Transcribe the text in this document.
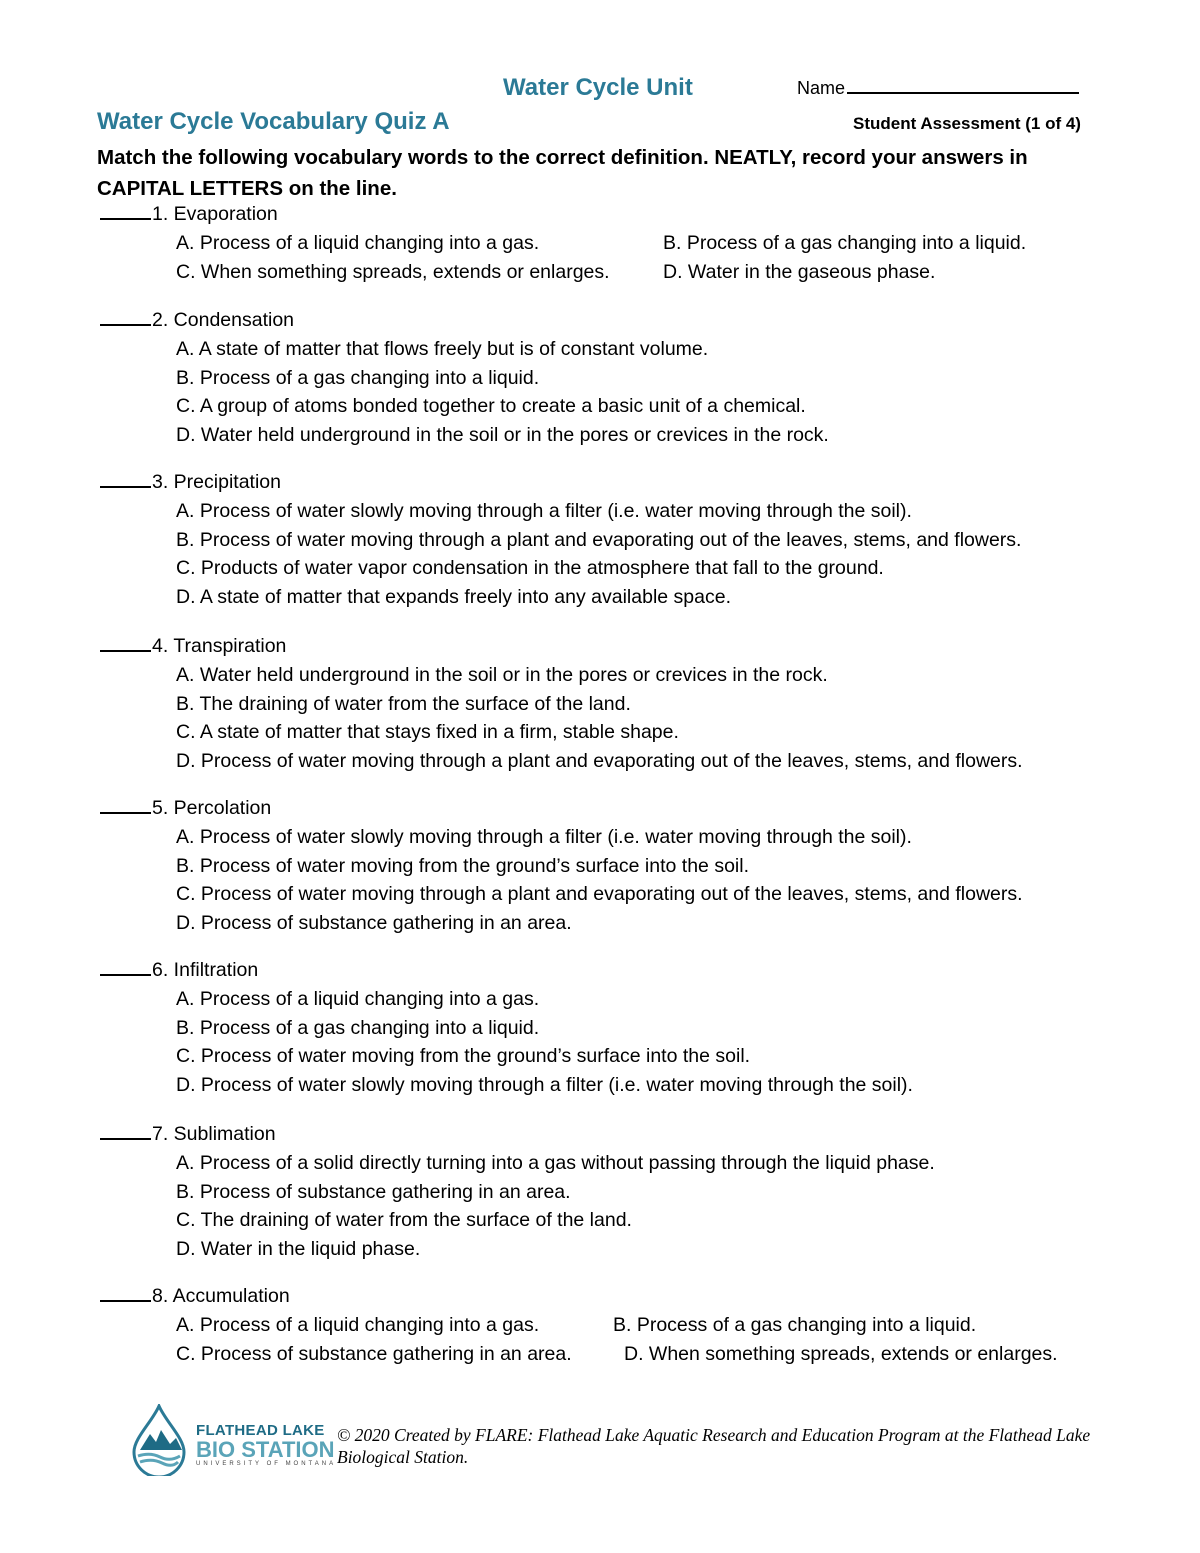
Water Cycle Unit	Name
Water Cycle Vocabulary Quiz A	Student Assessment (1 of 4)
Match the following vocabulary words to the correct definition. NEATLY, record your answers in CAPITAL LETTERS on the line.
1. Evaporation
A. Process of a liquid changing into a gas.	B. Process of a gas changing into a liquid.
C. When something spreads, extends or enlarges.	D. Water in the gaseous phase.
2. Condensation
A. A state of matter that flows freely but is of constant volume.
B. Process of a gas changing into a liquid.
C. A group of atoms bonded together to create a basic unit of a chemical.
D. Water held underground in the soil or in the pores or crevices in the rock.
3. Precipitation
A. Process of water slowly moving through a filter (i.e. water moving through the soil).
B. Process of water moving through a plant and evaporating out of the leaves, stems, and flowers.
C. Products of water vapor condensation in the atmosphere that fall to the ground.
D. A state of matter that expands freely into any available space.
4. Transpiration
A. Water held underground in the soil or in the pores or crevices in the rock.
B. The draining of water from the surface of the land.
C. A state of matter that stays fixed in a firm, stable shape.
D. Process of water moving through a plant and evaporating out of the leaves, stems, and flowers.
5. Percolation
A. Process of water slowly moving through a filter (i.e. water moving through the soil).
B. Process of water moving from the ground’s surface into the soil.
C. Process of water moving through a plant and evaporating out of the leaves, stems, and flowers.
D. Process of substance gathering in an area.
6. Infiltration
A. Process of a liquid changing into a gas.
B. Process of a gas changing into a liquid.
C. Process of water moving from the ground’s surface into the soil.
D. Process of water slowly moving through a filter (i.e. water moving through the soil).
7. Sublimation
A. Process of a solid directly turning into a gas without passing through the liquid phase.
B. Process of substance gathering in an area.
C. The draining of water from the surface of the land.
D. Water in the liquid phase.
8. Accumulation
A. Process of a liquid changing into a gas.	B. Process of a gas changing into a liquid.
C. Process of substance gathering in an area.	D. When something spreads, extends or enlarges.
FLATHEAD LAKE
BIO STATION
UNIVERSITY OF MONTANA
© 2020 Created by FLARE: Flathead Lake Aquatic Research and Education Program at the Flathead Lake Biological Station.
